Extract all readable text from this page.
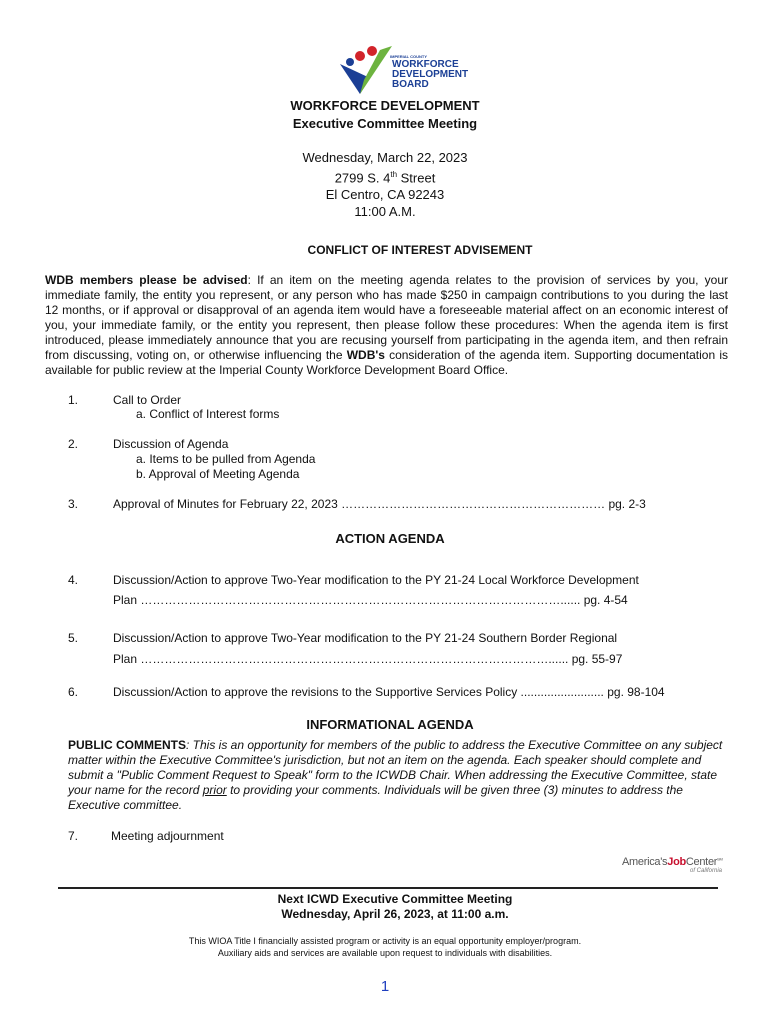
IMPERIAL COUNTY
WORKFORCE
DEVELOPMENT
BOARD
WORKFORCE DEVELOPMENT
Executive Committee Meeting
Wednesday, March 22, 2023
2799 S. 4th Street
El Centro, CA 92243
11:00 A.M.
CONFLICT OF INTEREST ADVISEMENT
WDB members please be advised: If an item on the meeting agenda relates to the provision of services by you, your immediate family, the entity you represent, or any person who has made $250 in campaign contributions to you during the last 12 months, or if approval or disapproval of an agenda item would have a foreseeable material affect on an economic interest of you, your immediate family, or the entity you represent, then please follow these procedures: When the agenda item is first introduced, please immediately announce that you are recusing yourself from participating in the agenda item, and then refrain from discussing, voting on, or otherwise influencing the WDB's consideration of the agenda item. Supporting documentation is available for public review at the Imperial County Workforce Development Board Office.
1.	Call to Order
a. Conflict of Interest forms
2.	Discussion of Agenda
a. Items to be pulled from Agenda
b. Approval of Meeting Agenda
3.	Approval of Minutes for February 22, 2023 ………………………………………………………… pg. 2-3
ACTION AGENDA
4.	Discussion/Action to approve Two-Year modification to the PY 21-24 Local Workforce Development
Plan ……………………………………………………………………………………………...... pg. 4-54
5.	Discussion/Action to approve Two-Year modification to the PY 21-24 Southern Border Regional
Plan …………………………………………………………………………………………...... pg. 55-97
6.	Discussion/Action to approve the revisions to the Supportive Services Policy ......................... pg. 98-104
INFORMATIONAL AGENDA
PUBLIC COMMENTS: This is an opportunity for members of the public to address the Executive Committee on any subject matter within the Executive Committee's jurisdiction, but not an item on the agenda. Each speaker should complete and submit a "Public Comment Request to Speak" form to the ICWDB Chair. When addressing the Executive Committee, state your name for the record prior to providing your comments. Individuals will be given three (3) minutes to address the Executive committee.
7.	Meeting adjournment
America'sJobCenter℠
of California
Next ICWD Executive Committee Meeting
Wednesday, April 26, 2023, at 11:00 a.m.
This WIOA Title I financially assisted program or activity is an equal opportunity employer/program.
Auxiliary aids and services are available upon request to individuals with disabilities.
1
